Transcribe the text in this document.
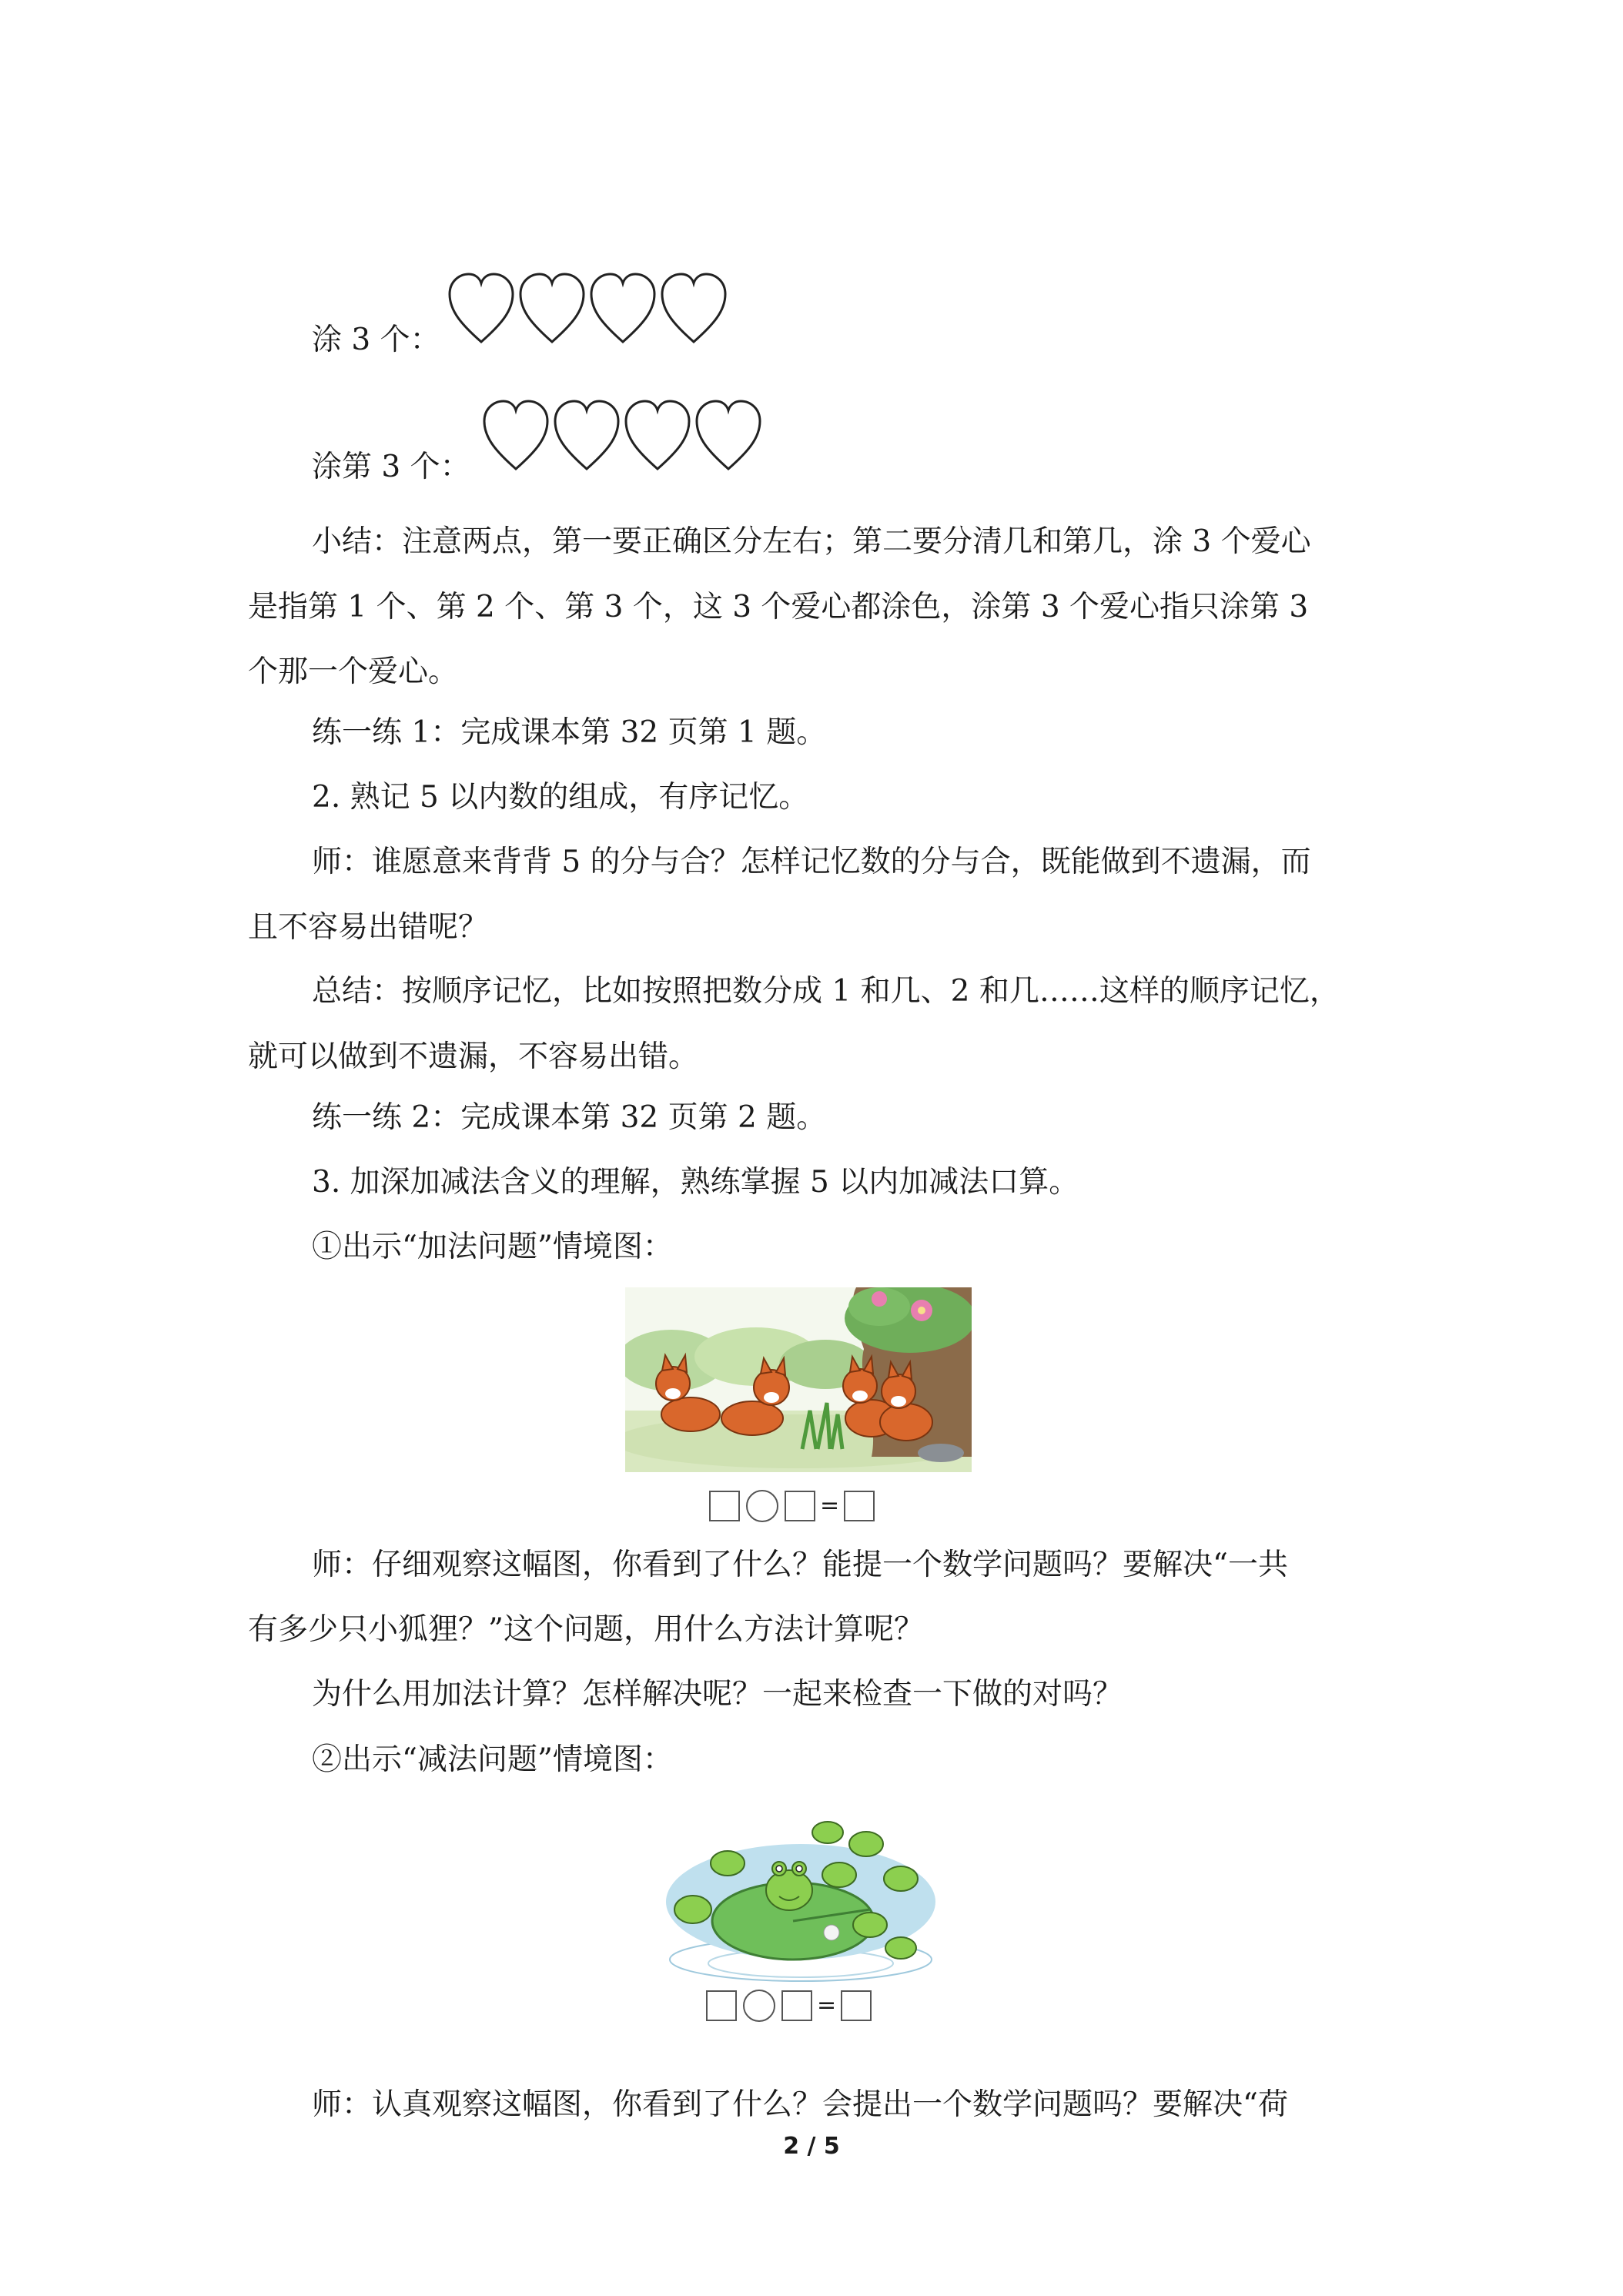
涂 3 个：
涂第 3 个：
小结：注意两点，第一要正确区分左右；第二要分清几和第几，涂 3 个爱心
是指第 1 个、第 2 个、第 3 个，这 3 个爱心都涂色，涂第 3 个爱心指只涂第 3
个那一个爱心。
练一练 1：完成课本第 32 页第 1 题。
2. 熟记 5 以内数的组成，有序记忆。
师：谁愿意来背背 5 的分与合？怎样记忆数的分与合，既能做到不遗漏，而
且不容易出错呢？
总结：按顺序记忆，比如按照把数分成 1 和几、2 和几……这样的顺序记忆，
就可以做到不遗漏，不容易出错。
练一练 2：完成课本第 32 页第 2 题。
3. 加深加减法含义的理解，熟练掌握 5 以内加减法口算。
①出示“加法问题”情境图：
师：仔细观察这幅图，你看到了什么？能提一个数学问题吗？要解决“一共
有多少只小狐狸？”这个问题，用什么方法计算呢？
为什么用加法计算？怎样解决呢？一起来检查一下做的对吗？
②出示“减法问题”情境图：
师：认真观察这幅图，你看到了什么？会提出一个数学问题吗？要解决“荷
=
=
2 / 5
